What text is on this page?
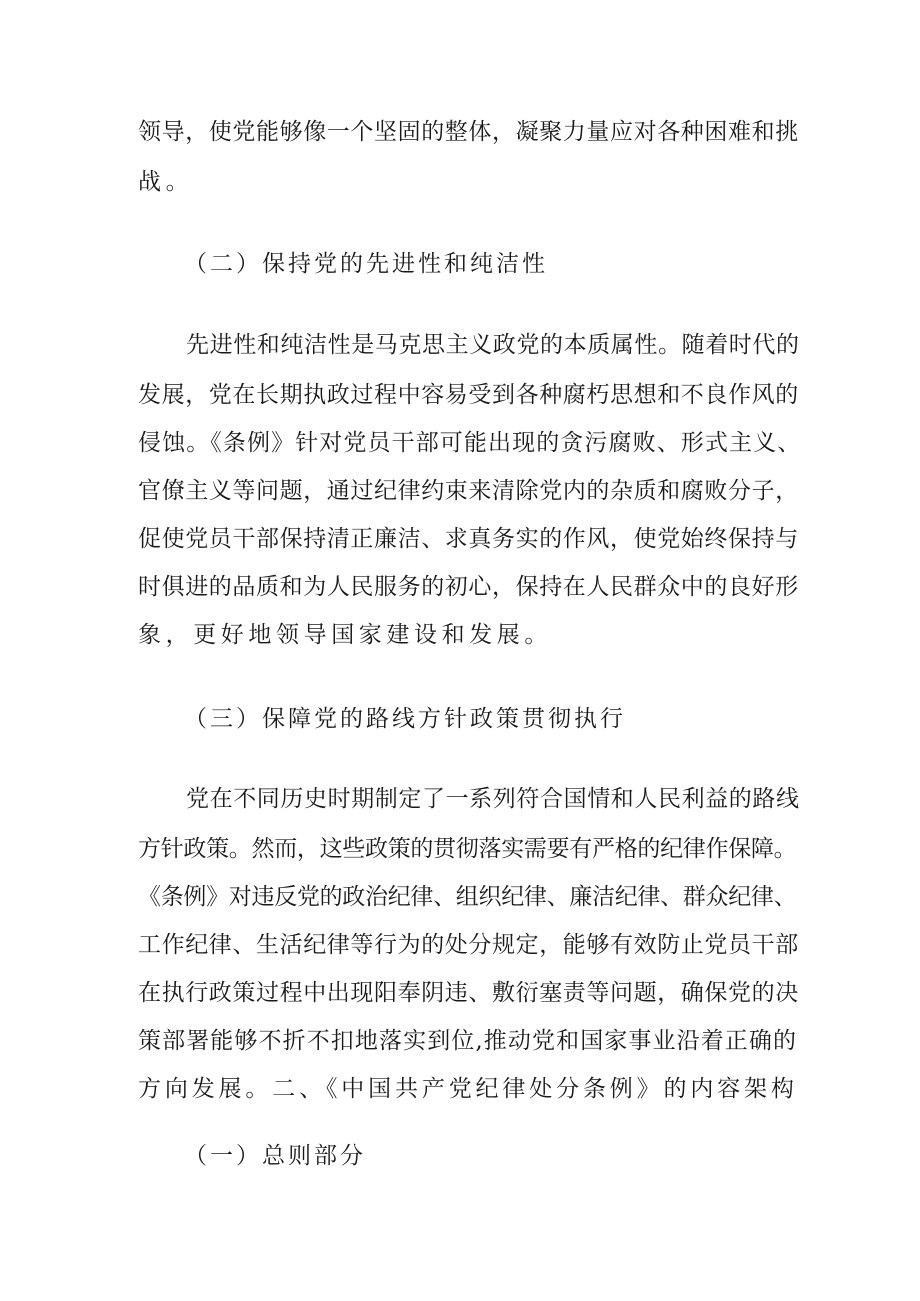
领导，使党能够像一个坚固的整体，凝聚力量应对各种困难和挑
战。
（二）保持党的先进性和纯洁性
先进性和纯洁性是马克思主义政党的本质属性。随着时代的
发展，党在长期执政过程中容易受到各种腐朽思想和不良作风的
侵蚀。《条例》针对党员干部可能出现的贪污腐败、形式主义、
官僚主义等问题，通过纪律约束来清除党内的杂质和腐败分子，
促使党员干部保持清正廉洁、求真务实的作风，使党始终保持与
时俱进的品质和为人民服务的初心，保持在人民群众中的良好形
象，更好地领导国家建设和发展。
（三）保障党的路线方针政策贯彻执行
党在不同历史时期制定了一系列符合国情和人民利益的路线
方针政策。然而，这些政策的贯彻落实需要有严格的纪律作保障。
《条例》对违反党的政治纪律、组织纪律、廉洁纪律、群众纪律、
工作纪律、生活纪律等行为的处分规定，能够有效防止党员干部
在执行政策过程中出现阳奉阴违、敷衍塞责等问题，确保党的决
策部署能够不折不扣地落实到位,推动党和国家事业沿着正确的
方向发展。二、《中国共产党纪律处分条例》的内容架构
（一）总则部分
